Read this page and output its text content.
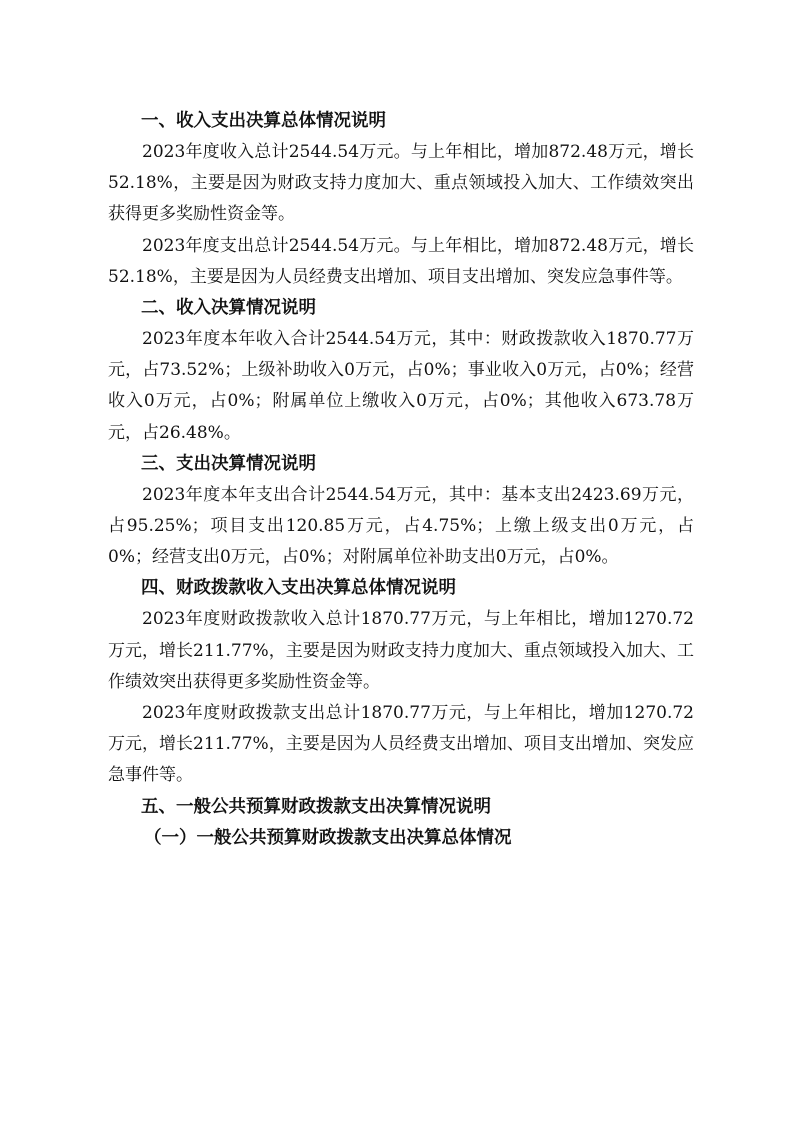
一、收入支出决算总体情况说明

2023年度收入总计2544.54万元。与上年相比，增加872.48万元，增长52.18%，主要是因为财政支持力度加大、重点领域投入加大、工作绩效突出获得更多奖励性资金等。

2023年度支出总计2544.54万元。与上年相比，增加872.48万元，增长52.18%，主要是因为人员经费支出增加、项目支出增加、突发应急事件等。

二、收入决算情况说明

2023年度本年收入合计2544.54万元，其中：财政拨款收入1870.77万元，占73.52%；上级补助收入0万元，占0%；事业收入0万元，占0%；经营收入0万元，占0%；附属单位上缴收入0万元，占0%；其他收入673.78万元，占26.48%。

三、支出决算情况说明

2023年度本年支出合计2544.54万元，其中：基本支出2423.69万元，占95.25%；项目支出120.85万元，占4.75%；上缴上级支出0万元，占0%；经营支出0万元，占0%；对附属单位补助支出0万元，占0%。

四、财政拨款收入支出决算总体情况说明

2023年度财政拨款收入总计1870.77万元，与上年相比，增加1270.72万元，增长211.77%，主要是因为财政支持力度加大、重点领域投入加大、工作绩效突出获得更多奖励性资金等。

2023年度财政拨款支出总计1870.77万元，与上年相比，增加1270.72万元，增长211.77%，主要是因为人员经费支出增加、项目支出增加、突发应急事件等。

五、一般公共预算财政拨款支出决算情况说明
（一）一般公共预算财政拨款支出决算总体情况
